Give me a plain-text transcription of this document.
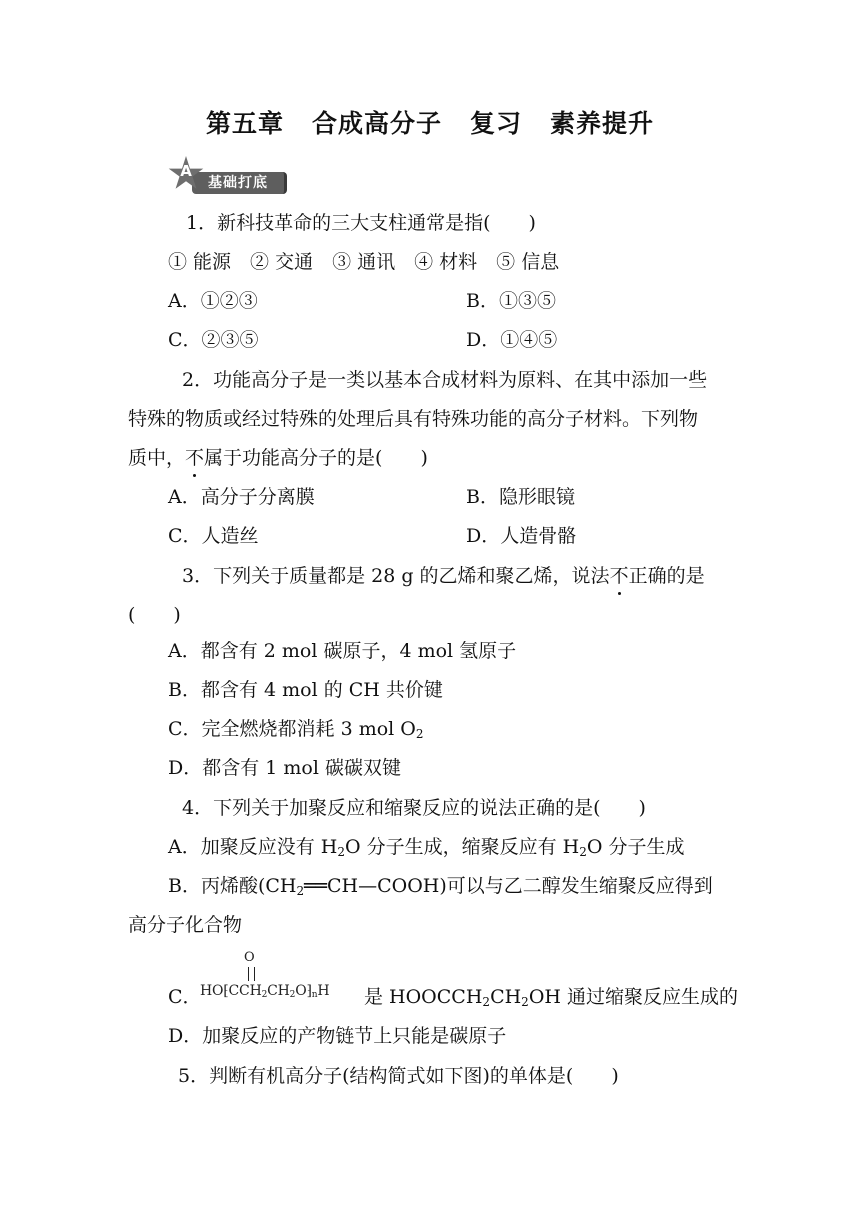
第五章 合成高分子 复习 素养提升
基础打底
A
1．新科技革命的三大支柱通常是指(　　)
① 能源　② 交通　③ 通讯　④ 材料　⑤ 信息
A．①②③	B．①③⑤
C．②③⑤	D．①④⑤
2．功能高分子是一类以基本合成材料为原料、在其中添加一些
特殊的物质或经过特殊的处理后具有特殊功能的高分子材料。下列物
质中，不属于功能高分子的是(　　)
A．高分子分离膜	B．隐形眼镜
C．人造丝	D．人造骨骼
3．下列关于质量都是 28 g 的乙烯和聚乙烯，说法不正确的是
(　　)
A．都含有 2 mol 碳原子，4 mol 氢原子
B．都含有 4 mol 的 CH 共价键
C．完全燃烧都消耗 3 mol $O_2$
D．都含有 1 mol 碳碳双键
4．下列关于加聚反应和缩聚反应的说法正确的是(　　)
A．加聚反应没有 $H_2O$ 分子生成，缩聚反应有 $H_2O$ 分子生成
B．丙烯酸$(CH_2══CH—COOH)$可以与乙二醇发生缩聚反应得到
高分子化合物
C．
O
HO⁅CCH2CH2O⁆nH 是 $HOOCCH_2CH_2OH$ 通过缩聚反应生成的
D．加聚反应的产物链节上只能是碳原子
5．判断有机高分子(结构简式如下图)的单体是(　　)
